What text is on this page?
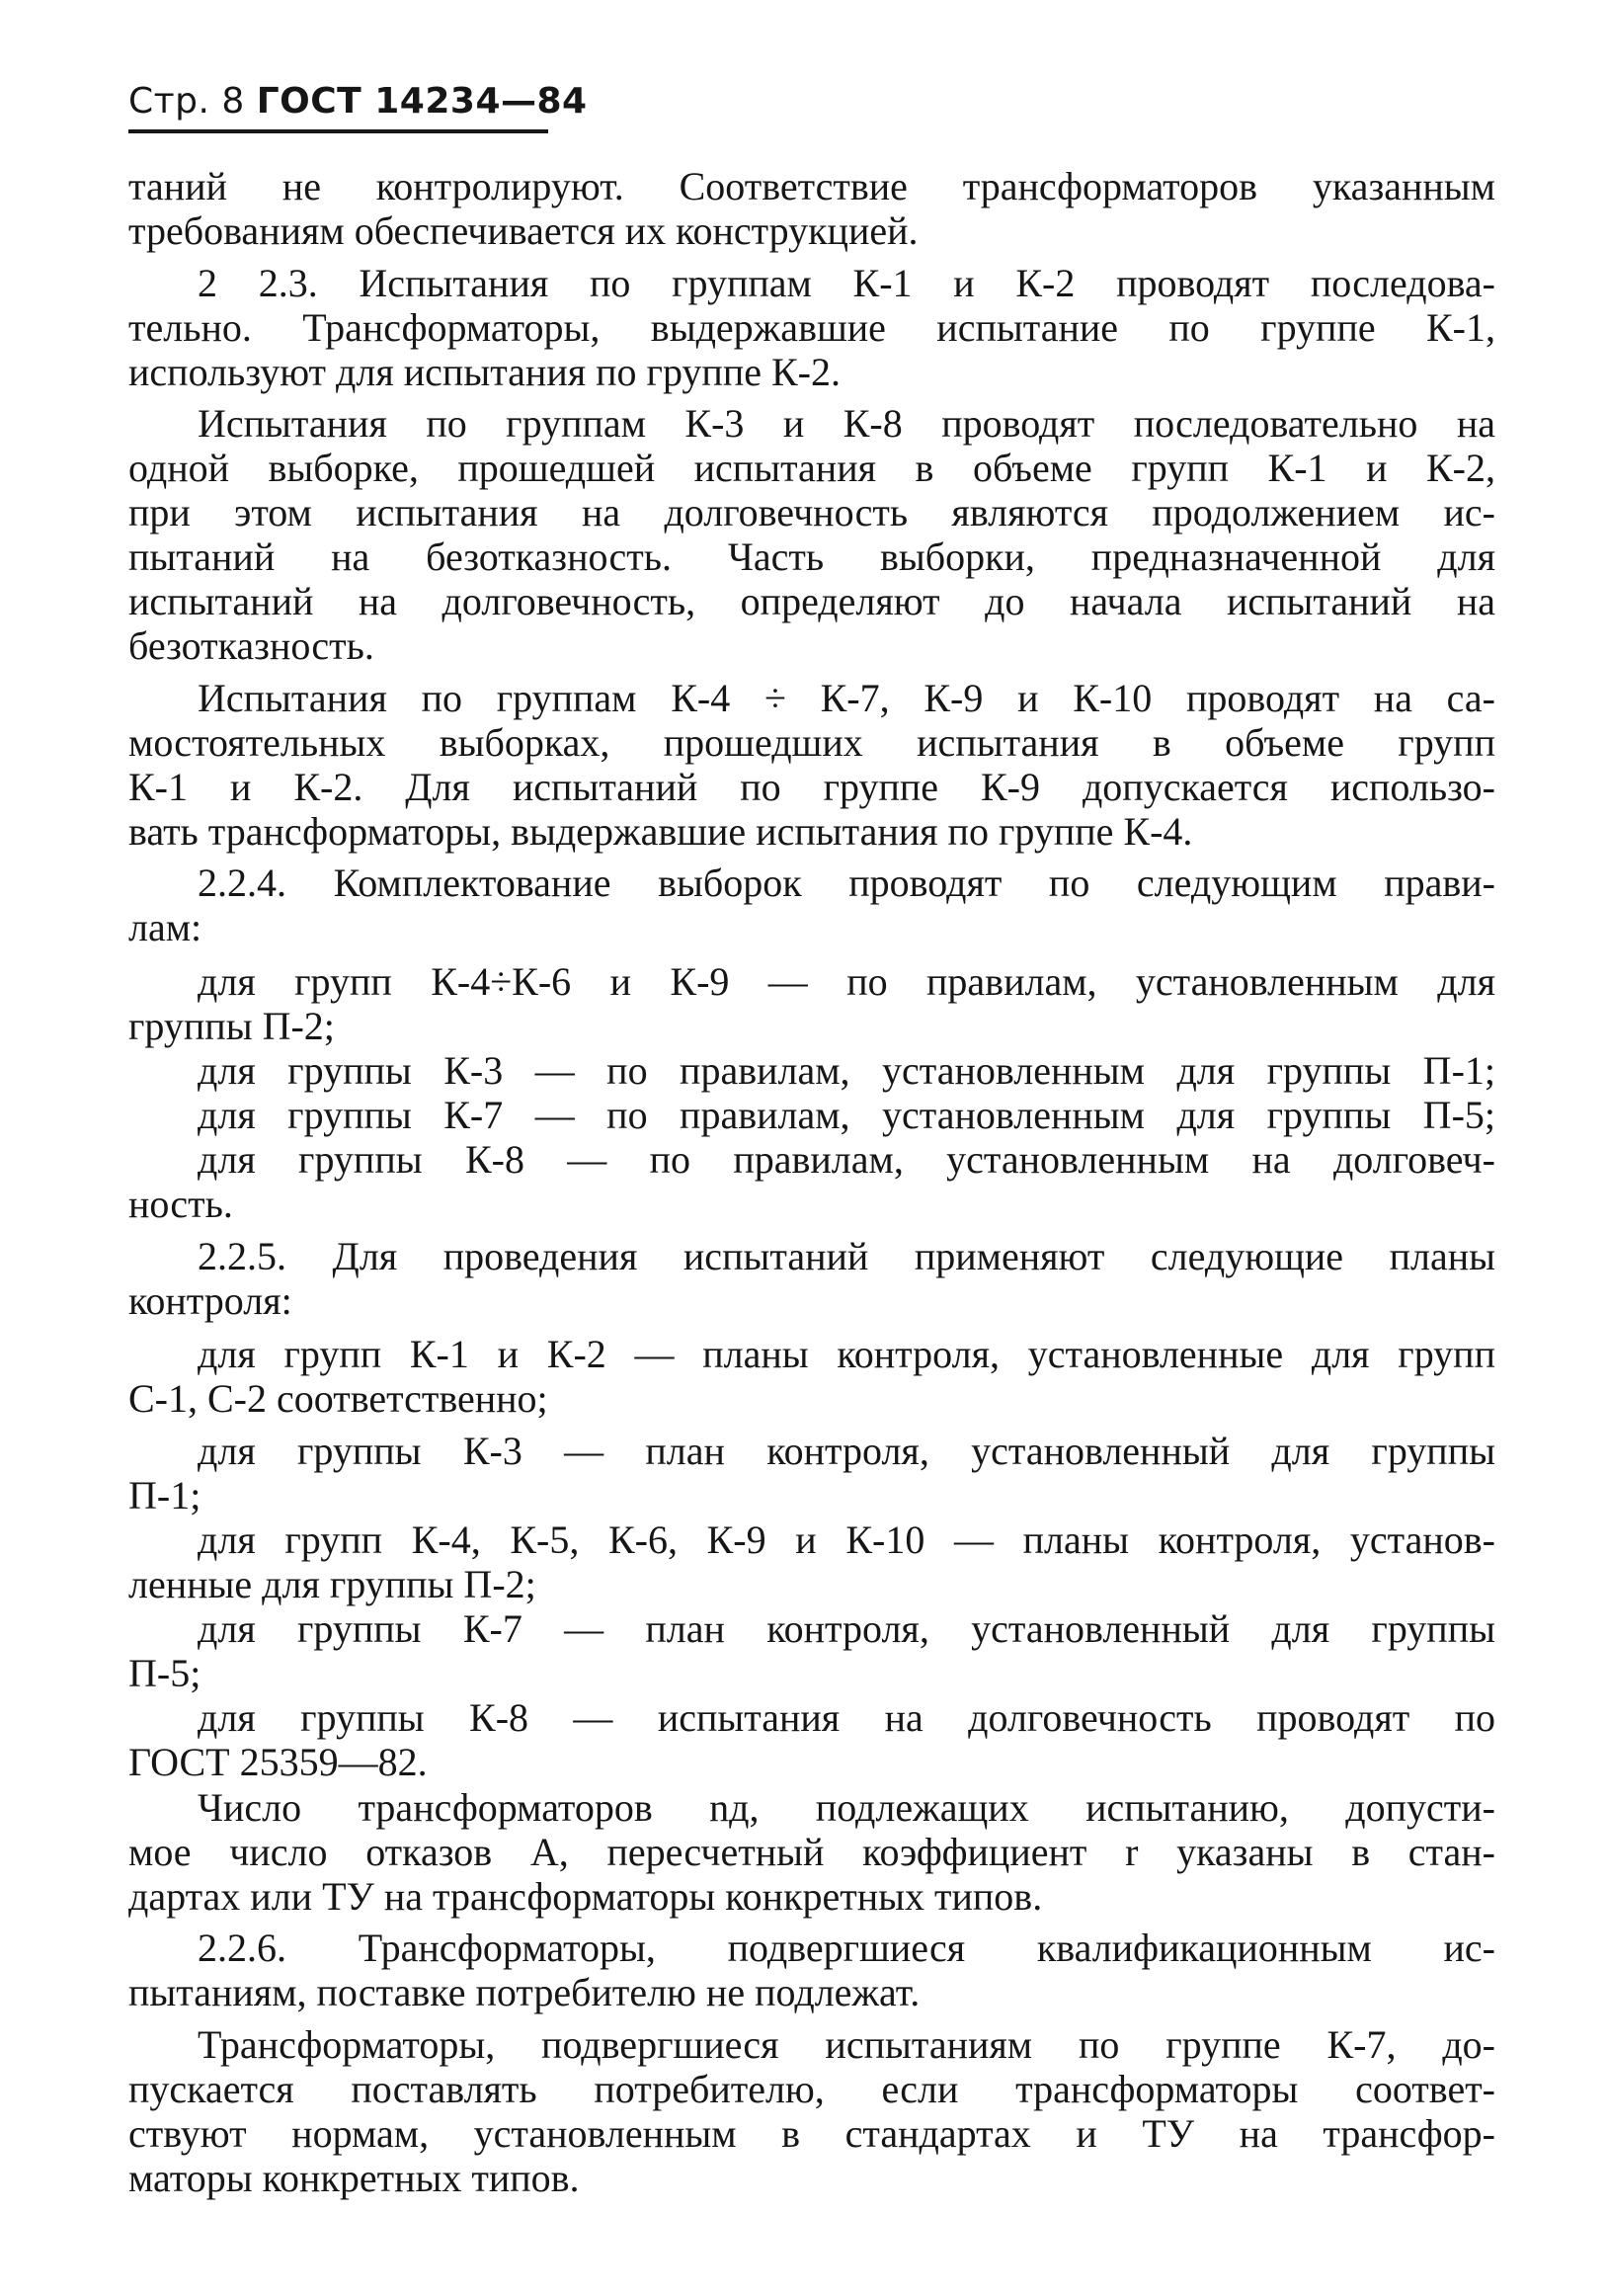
Стр. 8 ГОСТ 14234—84
таний не контролируют. Соответствие трансформаторов указанным
требованиям обеспечивается их конструкцией.
2 2.3. Испытания по группам К-1 и К-2 проводят последова-
тельно. Трансформаторы, выдержавшие испытание по группе К-1,
используют для испытания по группе К-2.
Испытания по группам К-3 и К-8 проводят последовательно на
одной выборке, прошедшей испытания в объеме групп К-1 и К-2,
при этом испытания на долговечность являются продолжением ис-
пытаний на безотказность. Часть выборки, предназначенной для
испытаний на долговечность, определяют до начала испытаний на
безотказность.
Испытания по группам К-4 ÷ К-7, К-9 и К-10 проводят на са-
мостоятельных выборках, прошедших испытания в объеме групп
К-1 и К-2. Для испытаний по группе К-9 допускается использо-
вать трансформаторы, выдержавшие испытания по группе К-4.
2.2.4. Комплектование выборок проводят по следующим прави-
лам:
для групп К-4÷К-6 и К-9 — по правилам, установленным для
группы П-2;
для группы К-3 — по правилам, установленным для группы П-1;
для группы К-7 — по правилам, установленным для группы П-5;
для группы К-8 — по правилам, установленным на долговеч-
ность.
2.2.5. Для проведения испытаний применяют следующие планы
контроля:
для групп К-1 и К-2 — планы контроля, установленные для групп
С-1, С-2 соответственно;
для группы К-3 — план контроля, установленный для группы
П-1;
для групп К-4, К-5, К-6, К-9 и К-10 — планы контроля, установ-
ленные для группы П-2;
для группы К-7 — план контроля, установленный для группы
П-5;
для группы К-8 — испытания на долговечность проводят по
ГОСТ 25359—82.
Число трансформаторов nд, подлежащих испытанию, допусти-
мое число отказов A, пересчетный коэффициент r указаны в стан-
дартах или ТУ на трансформаторы конкретных типов.
2.2.6. Трансформаторы, подвергшиеся квалификационным ис-
пытаниям, поставке потребителю не подлежат.
Трансформаторы, подвергшиеся испытаниям по группе К-7, до-
пускается поставлять потребителю, если трансформаторы соответ-
ствуют нормам, установленным в стандартах и ТУ на трансфор-
маторы конкретных типов.
